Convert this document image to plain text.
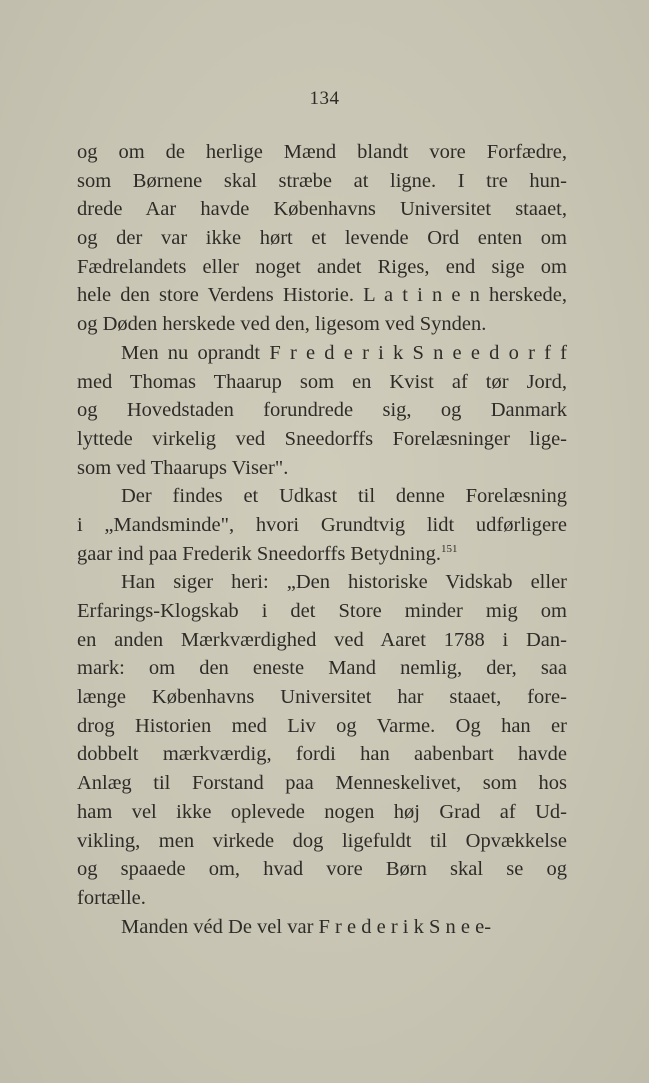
134
og om de herlige Mænd blandt vore Forfædre,
som Børnene skal stræbe at ligne. I tre hun-
drede Aar havde Københavns Universitet staaet,
og der var ikke hørt et levende Ord enten om
Fædrelandets eller noget andet Riges, end sige om
hele den store Verdens Historie. L a t i n e n herskede,
og Døden herskede ved den, ligesom ved Synden.
Men nu oprandt F r e d e r i k S n e e d o r f f
med Thomas Thaarup som en Kvist af tør Jord,
og Hovedstaden forundrede sig, og Danmark
lyttede virkelig ved Sneedorffs Forelæsninger lige-
som ved Thaarups Viser".
Der findes et Udkast til denne Forelæsning
i „Mandsminde", hvori Grundtvig lidt udførligere
gaar ind paa Frederik Sneedorffs Betydning.$^{151}$
Han siger heri: „Den historiske Vidskab eller
Erfarings-Klogskab i det Store minder mig om
en anden Mærkværdighed ved Aaret 1788 i Dan-
mark: om den eneste Mand nemlig, der, saa
længe Københavns Universitet har staaet, fore-
drog Historien med Liv og Varme. Og han er
dobbelt mærkværdig, fordi han aabenbart havde
Anlæg til Forstand paa Menneskelivet, som hos
ham vel ikke oplevede nogen høj Grad af Ud-
vikling, men virkede dog ligefuldt til Opvækkelse
og spaaede om, hvad vore Børn skal se og
fortælle.
Manden véd De vel var F r e d e r i k S n e e-
